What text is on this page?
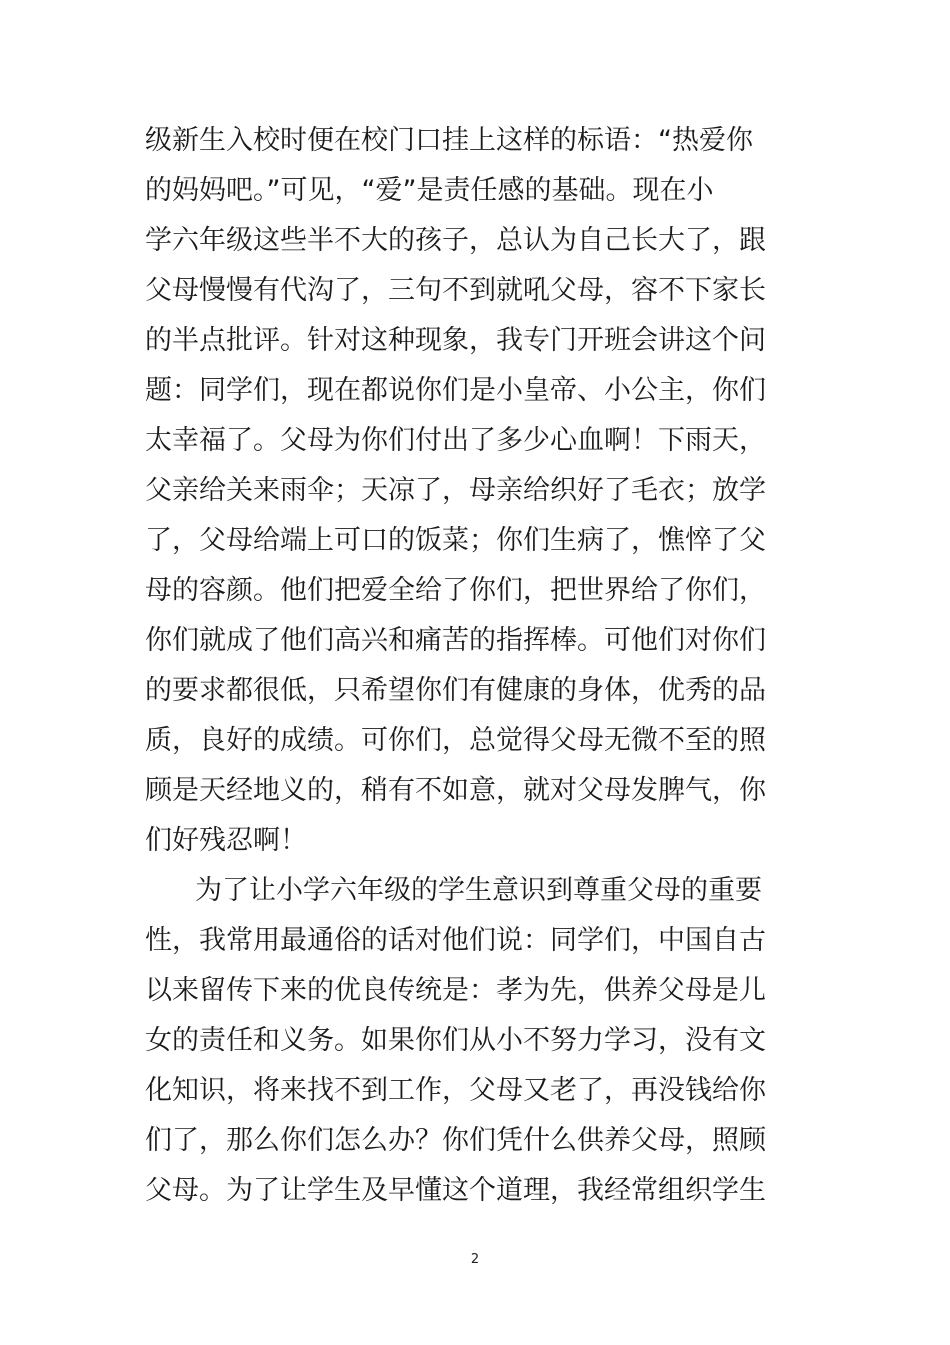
级新生入校时便在校门口挂上这样的标语：“热爱你
的妈妈吧。”可见，“爱”是责任感的基础。现在小
学六年级这些半不大的孩子，总认为自己长大了，跟
父母慢慢有代沟了，三句不到就吼父母，容不下家长
的半点批评。针对这种现象，我专门开班会讲这个问
题：同学们，现在都说你们是小皇帝、小公主，你们
太幸福了。父母为你们付出了多少心血啊！下雨天，
父亲给关来雨伞；天凉了，母亲给织好了毛衣；放学
了，父母给端上可口的饭菜；你们生病了，憔悴了父
母的容颜。他们把爱全给了你们，把世界给了你们，
你们就成了他们高兴和痛苦的指挥棒。可他们对你们
的要求都很低，只希望你们有健康的身体，优秀的品
质，良好的成绩。可你们，总觉得父母无微不至的照
顾是天经地义的，稍有不如意，就对父母发脾气，你
们好残忍啊！
为了让小学六年级的学生意识到尊重父母的重要
性，我常用最通俗的话对他们说：同学们，中国自古
以来留传下来的优良传统是：孝为先，供养父母是儿
女的责任和义务。如果你们从小不努力学习，没有文
化知识，将来找不到工作，父母又老了，再没钱给你
们了，那么你们怎么办？你们凭什么供养父母，照顾
父母。为了让学生及早懂这个道理，我经常组织学生
2
